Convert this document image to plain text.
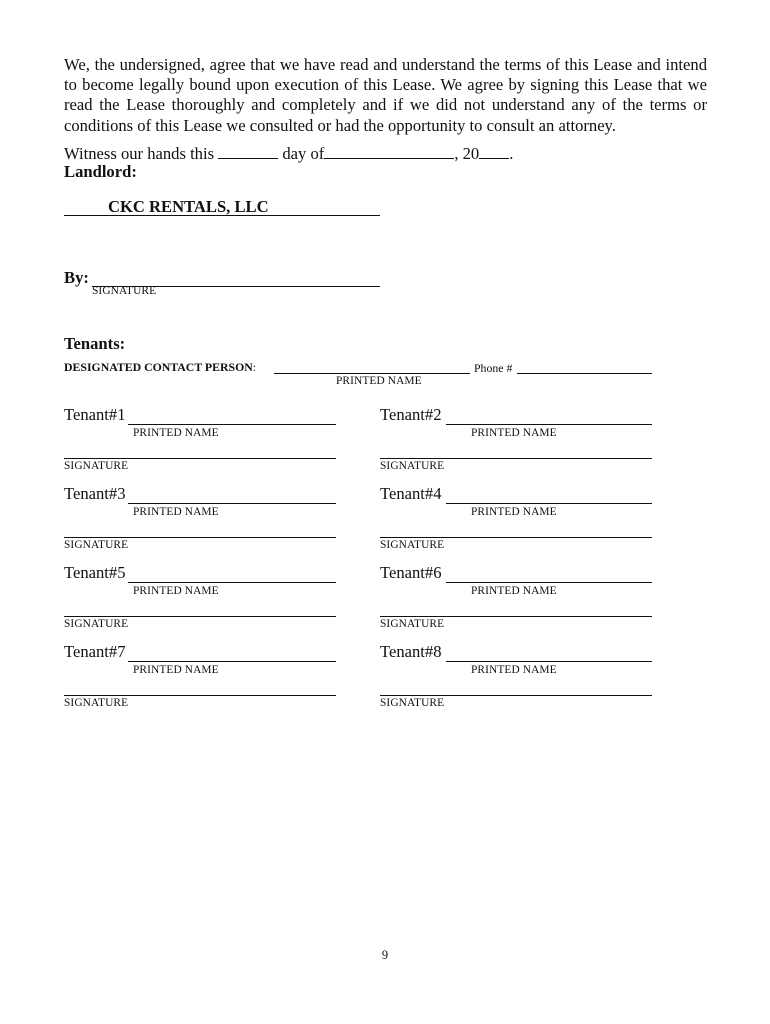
We, the undersigned, agree that we have read and understand the terms of this Lease and intend to become legally bound upon execution of this Lease. We agree by signing this Lease that we read the Lease thoroughly and completely and if we did not understand any of the terms or conditions of this Lease we consulted or had the opportunity to consult an attorney.

Witness our hands this	day of	, 20 .
Landlord:
CKC RENTALS, LLC
By:
SIGNATURE
Tenants:
DESIGNATED CONTACT PERSON:	Phone #
PRINTED NAME
Tenant#1
PRINTED NAME
SIGNATURE
Tenant#2
PRINTED NAME
SIGNATURE
Tenant#3
PRINTED NAME
SIGNATURE
Tenant#4
PRINTED NAME
SIGNATURE
Tenant#5
PRINTED NAME
SIGNATURE
Tenant#6
PRINTED NAME
SIGNATURE
Tenant#7
PRINTED NAME
SIGNATURE
Tenant#8
PRINTED NAME
SIGNATURE
9
